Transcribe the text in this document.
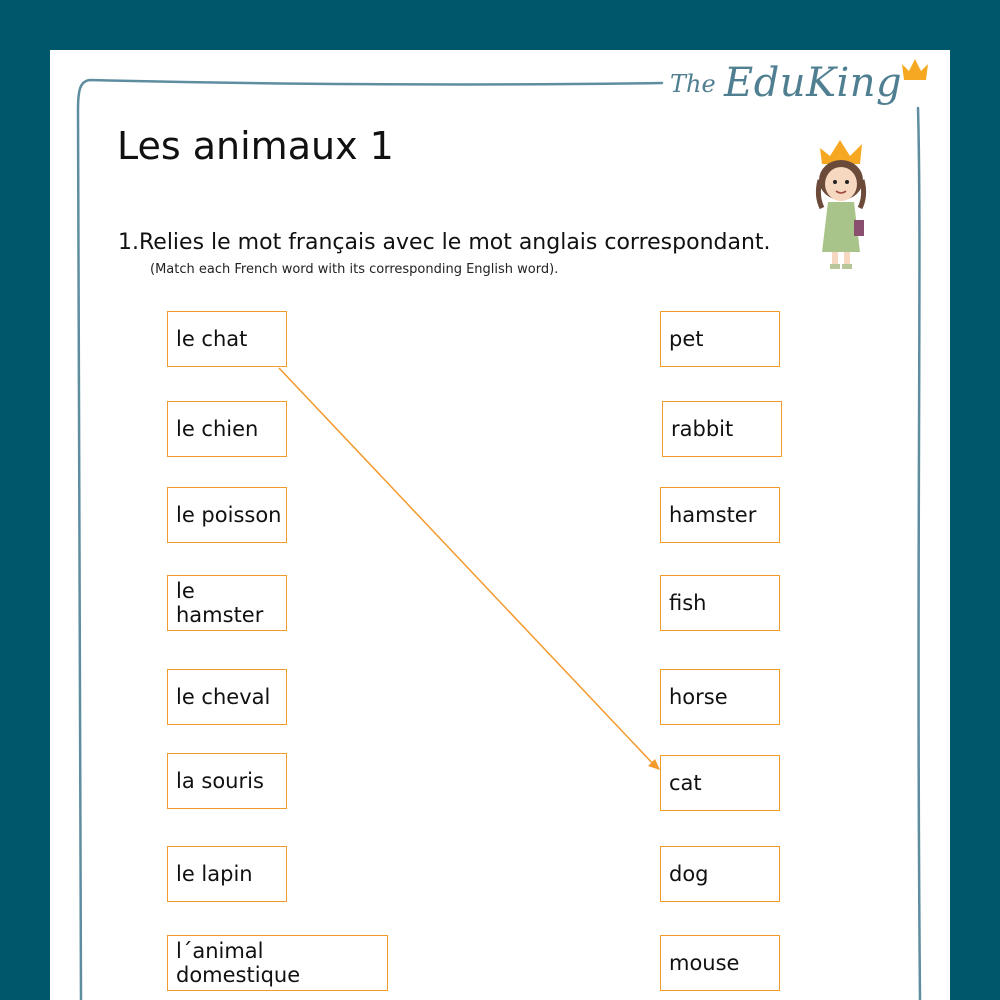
The EduKing
Les animaux 1
1.Relies le mot français avec le mot anglais correspondant.
(Match each French word with its corresponding English word).
le chat
le chien
le poisson
le hamster
le cheval
la souris
le lapin
l´animal domestique
pet
rabbit
hamster
fish
horse
cat
dog
mouse
